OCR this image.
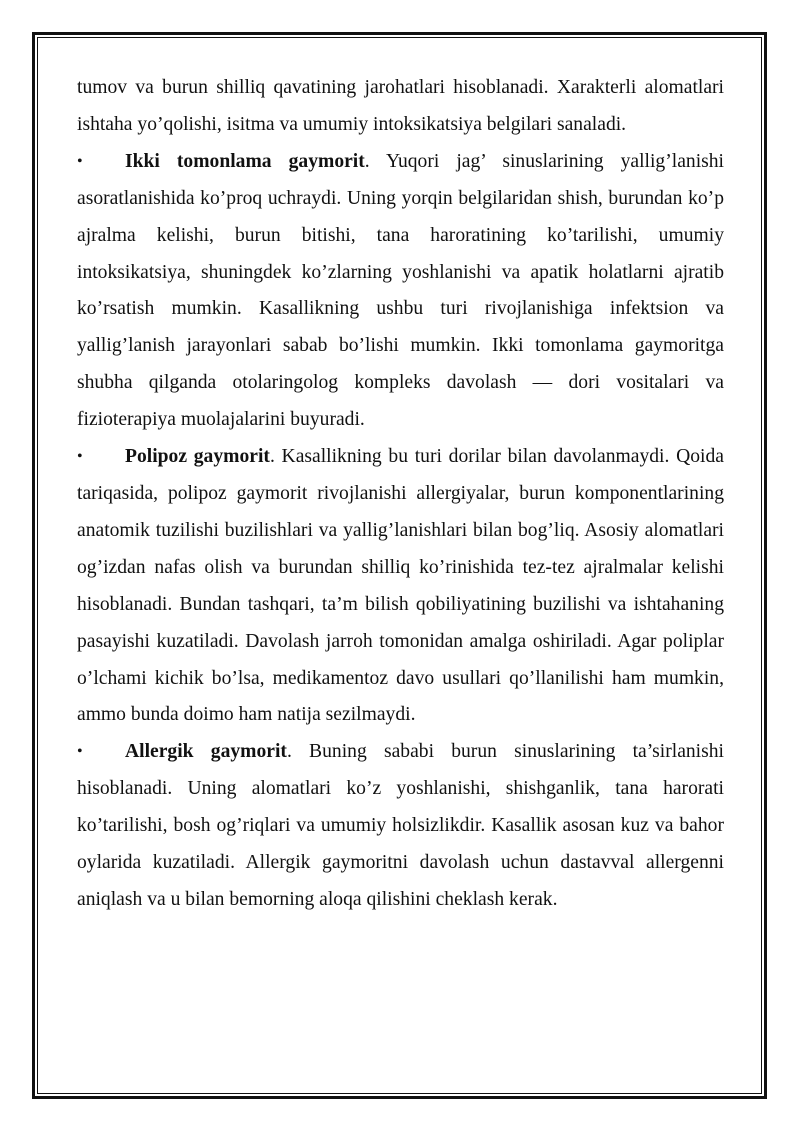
tumov va burun shilliq qavatining jarohatlari hisoblanadi. Xarakterli alomatlari ishtaha yo’qolishi, isitma va umumiy intoksikatsiya belgilari sanaladi.

• Ikki tomonlama gaymorit. Yuqori jag’ sinuslarining yallig’lanishi asoratlanishida ko’proq uchraydi. Uning yorqin belgilaridan shish, burundan ko’p ajralma kelishi, burun bitishi, tana haroratining ko’tarilishi, umumiy intoksikatsiya, shuningdek ko’zlarning yoshlanishi va apatik holatlarni ajratib ko’rsatish mumkin. Kasallikning ushbu turi rivojlanishiga infektsion va yallig’lanish jarayonlari sabab bo’lishi mumkin. Ikki tomonlama gaymoritga shubha qilganda otolaringolog kompleks davolash — dori vositalari va fizioterapiya muolajalarini buyuradi.

• Polipoz gaymorit. Kasallikning bu turi dorilar bilan davolanmaydi. Qoida tariqasida, polipoz gaymorit rivojlanishi allergiyalar, burun komponentlarining anatomik tuzilishi buzilishlari va yallig’lanishlari bilan bog’liq. Asosiy alomatlari og’izdan nafas olish va burundan shilliq ko’rinishida tez-tez ajralmalar kelishi hisoblanadi. Bundan tashqari, ta’m bilish qobiliyatining buzilishi va ishtahaning pasayishi kuzatiladi. Davolash jarroh tomonidan amalga oshiriladi. Agar poliplar o’lchami kichik bo’lsa, medikamentoz davo usullari qo’llanilishi ham mumkin, ammo bunda doimo ham natija sezilmaydi.

• Allergik gaymorit. Buning sababi burun sinuslarining ta’sirlanishi hisoblanadi. Uning alomatlari ko’z yoshlanishi, shishganlik, tana harorati ko’tarilishi, bosh og’riqlari va umumiy holsizlikdir. Kasallik asosan kuz va bahor oylarida kuzatiladi. Allergik gaymoritni davolash uchun dastavval allergenni aniqlash va u bilan bemorning aloqa qilishini cheklash kerak.
